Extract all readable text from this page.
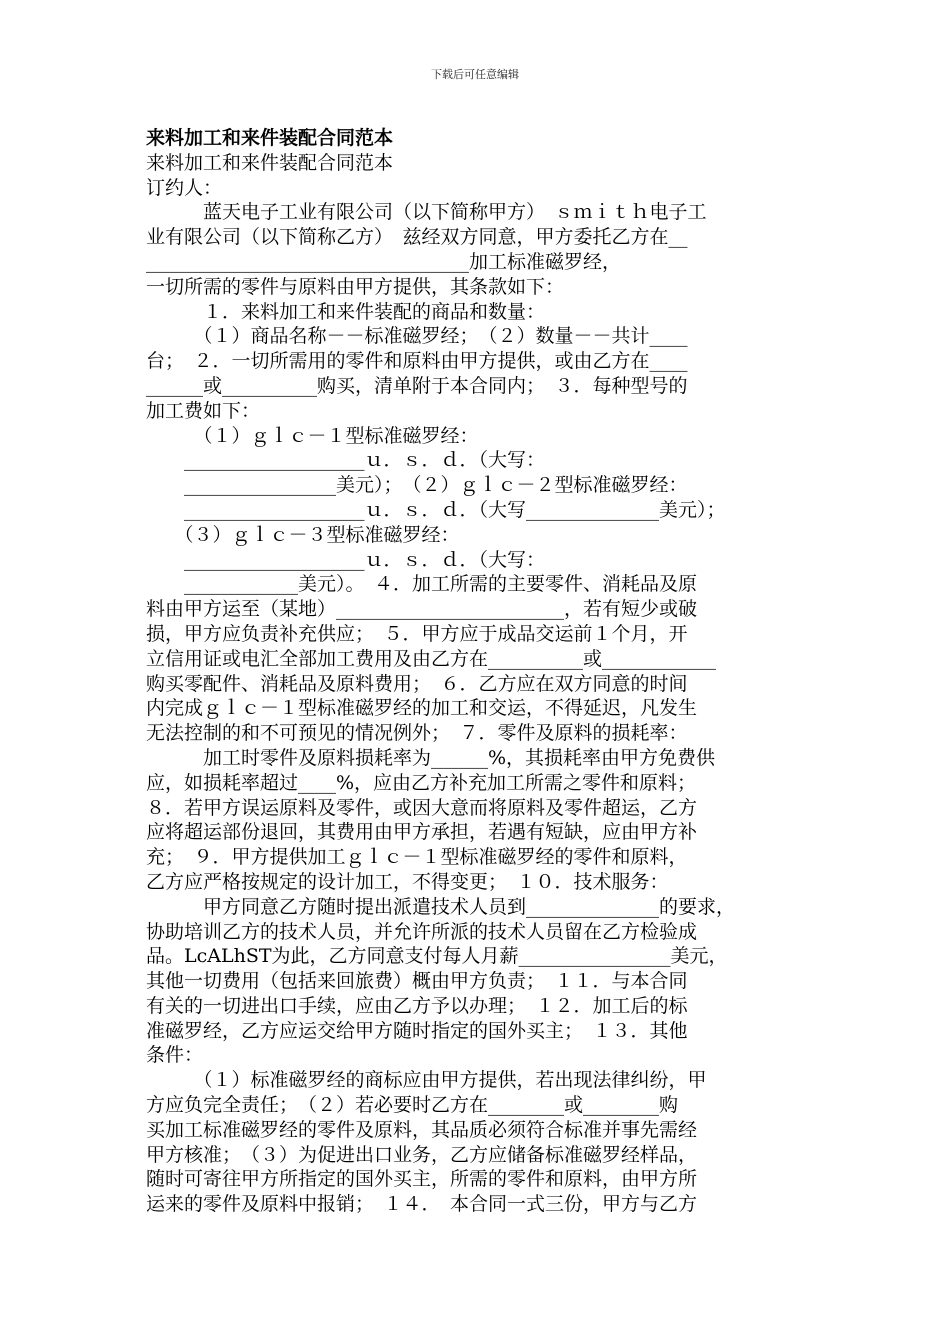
下载后可任意编辑
来料加工和来件装配合同范本
来料加工和来件装配合同范本
订约人：
　　　蓝天电子工业有限公司（以下简称甲方）　ｓｍｉｔｈ电子工
业有限公司（以下简称乙方）　兹经双方同意，甲方委托乙方在__
__________________________________加工标准磁罗经，
一切所需的零件与原料由甲方提供，其条款如下：
　　　１．来料加工和来件装配的商品和数量：
　　　（１）商品名称－－标准磁罗经；　（２）数量－－共计____
台；　２．一切所需用的零件和原料由甲方提供，或由乙方在____
______或__________购买，清单附于本合同内；　３．每种型号的
加工费如下：
　　　（１）ｇｌｃ－１型标准磁罗经：
　　___________________ｕ．ｓ．ｄ．（大写：
　　________________美元）；　（２）ｇｌｃ－２型标准磁罗经：
　　___________________ｕ．ｓ．ｄ．（大写______________美元）；
　　（３）ｇｌｃ－３型标准磁罗经：
　　___________________ｕ．ｓ．ｄ．（大写：
　　____________美元）。　４．加工所需的主要零件、消耗品及原
料由甲方运至（某地）________________________，若有短少或破
损，甲方应负责补充供应；　５．甲方应于成品交运前１个月，开
立信用证或电汇全部加工费用及由乙方在__________或____________
购买零配件、消耗品及原料费用；　６．乙方应在双方同意的时间
内完成ｇｌｃ－１型标准磁罗经的加工和交运，不得延迟，凡发生
无法控制的和不可预见的情况例外；　７．零件及原料的损耗率：
　　　加工时零件及原料损耗率为______%，其损耗率由甲方免费供
应，如损耗率超过____%，应由乙方补充加工所需之零件和原料；
８．若甲方误运原料及零件，或因大意而将原料及零件超运，乙方
应将超运部份退回，其费用由甲方承担，若遇有短缺，应由甲方补
充；　９．甲方提供加工ｇｌｃ－１型标准磁罗经的零件和原料，
乙方应严格按规定的设计加工，不得变更；　１０．技术服务：
　　　甲方同意乙方随时提出派遣技术人员到______________的要求，
协助培训乙方的技术人员，并允许所派的技术人员留在乙方检验成
品。LcALhST为此，乙方同意支付每人月薪________________美元，
其他一切费用（包括来回旅费）概由甲方负责；　１１．与本合同
有关的一切进出口手续，应由乙方予以办理；　１２．加工后的标
准磁罗经，乙方应运交给甲方随时指定的国外买主；　１３．其他
条件：
　　　（１）标准磁罗经的商标应由甲方提供，若出现法律纠纷，甲
方应负完全责任；　（２）若必要时乙方在________或________购
买加工标准磁罗经的零件及原料，其品质必须符合标准并事先需经
甲方核准；　（３）为促进出口业务，乙方应储备标准磁罗经样品，
随时可寄往甲方所指定的国外买主，所需的零件和原料，由甲方所
运来的零件及原料中报销；　１４．　本合同一式三份，甲方与乙方
